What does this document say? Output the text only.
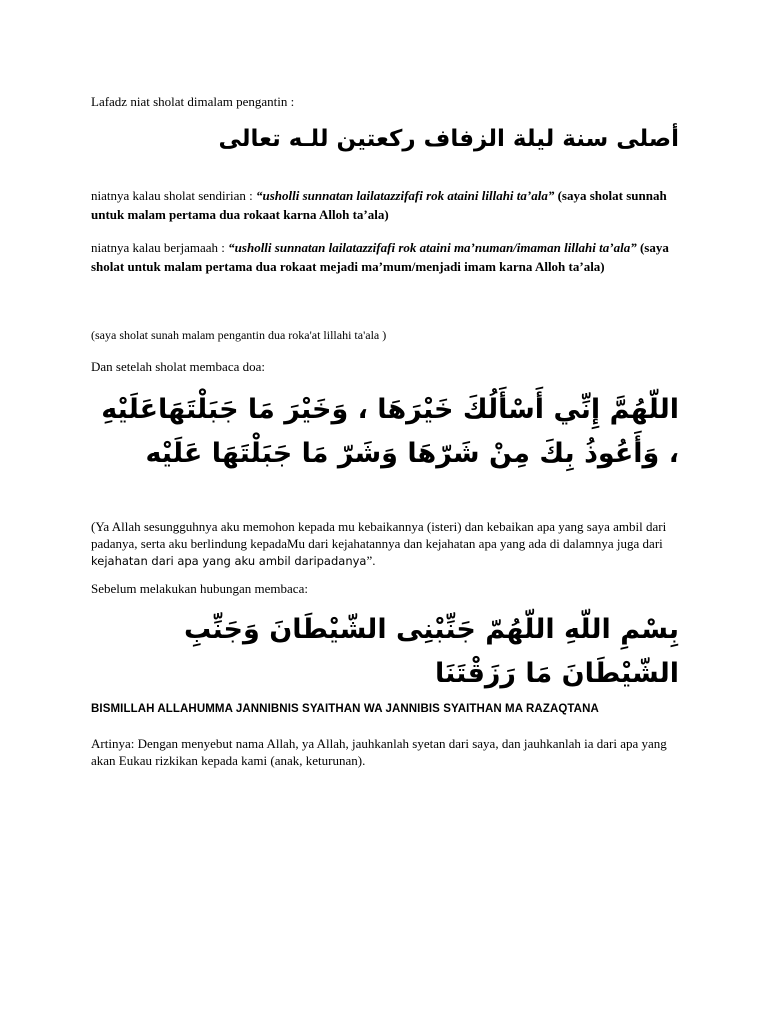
Lafadz niat sholat dimalam pengantin :
أصلى سنة ليلة الزفاف ركعتين للـه تعالى
niatnya kalau sholat sendirian : “usholli sunnatan lailatazzifafi rok ataini lillahi ta’ala” (saya sholat sunnah untuk malam pertama dua rokaat karna Alloh ta’ala)
niatnya kalau berjamaah : “usholli sunnatan lailatazzifafi rok ataini ma’numan/imaman lillahi ta’ala” (saya sholat untuk malam pertama dua rokaat mejadi ma’mum/menjadi imam karna Alloh ta’ala)
(saya sholat sunah malam pengantin dua roka'at lillahi ta'ala )
Dan setelah sholat membaca doa:
اللّهُمَّ إِنِّي أَسْأَلُكَ خَيْرَهَا ، وَخَيْرَ مَا جَبَلْتَهَاعَلَيْهِ ، وَأَعُوذُ بِكَ مِنْ شَرّهَا وَشَرّ مَا جَبَلْتَهَا عَلَيْه
(Ya Allah sesungguhnya aku memohon kepada mu kebaikannya (isteri) dan kebaikan apa yang saya ambil dari padanya, serta aku berlindung kepadaMu dari kejahatannya dan kejahatan apa yang ada di dalamnya juga dari kejahatan dari apa yang aku ambil daripadanya”.
Sebelum melakukan hubungan membaca:
بِسْمِ اللّهِ اللّهُمّ جَنِّبْنِى الشّيْطَانَ وَجَنِّبِ الشّيْطَانَ مَا رَزَقْتَنَا
BISMILLAH ALLAHUMMA JANNIBNIS SYAITHAN WA JANNIBIS SYAITHAN MA RAZAQTANA
Artinya: Dengan menyebut nama Allah, ya Allah, jauhkanlah syetan dari saya, dan jauhkanlah ia dari apa yang akan Eukau rizkikan kepada kami (anak, keturunan).
